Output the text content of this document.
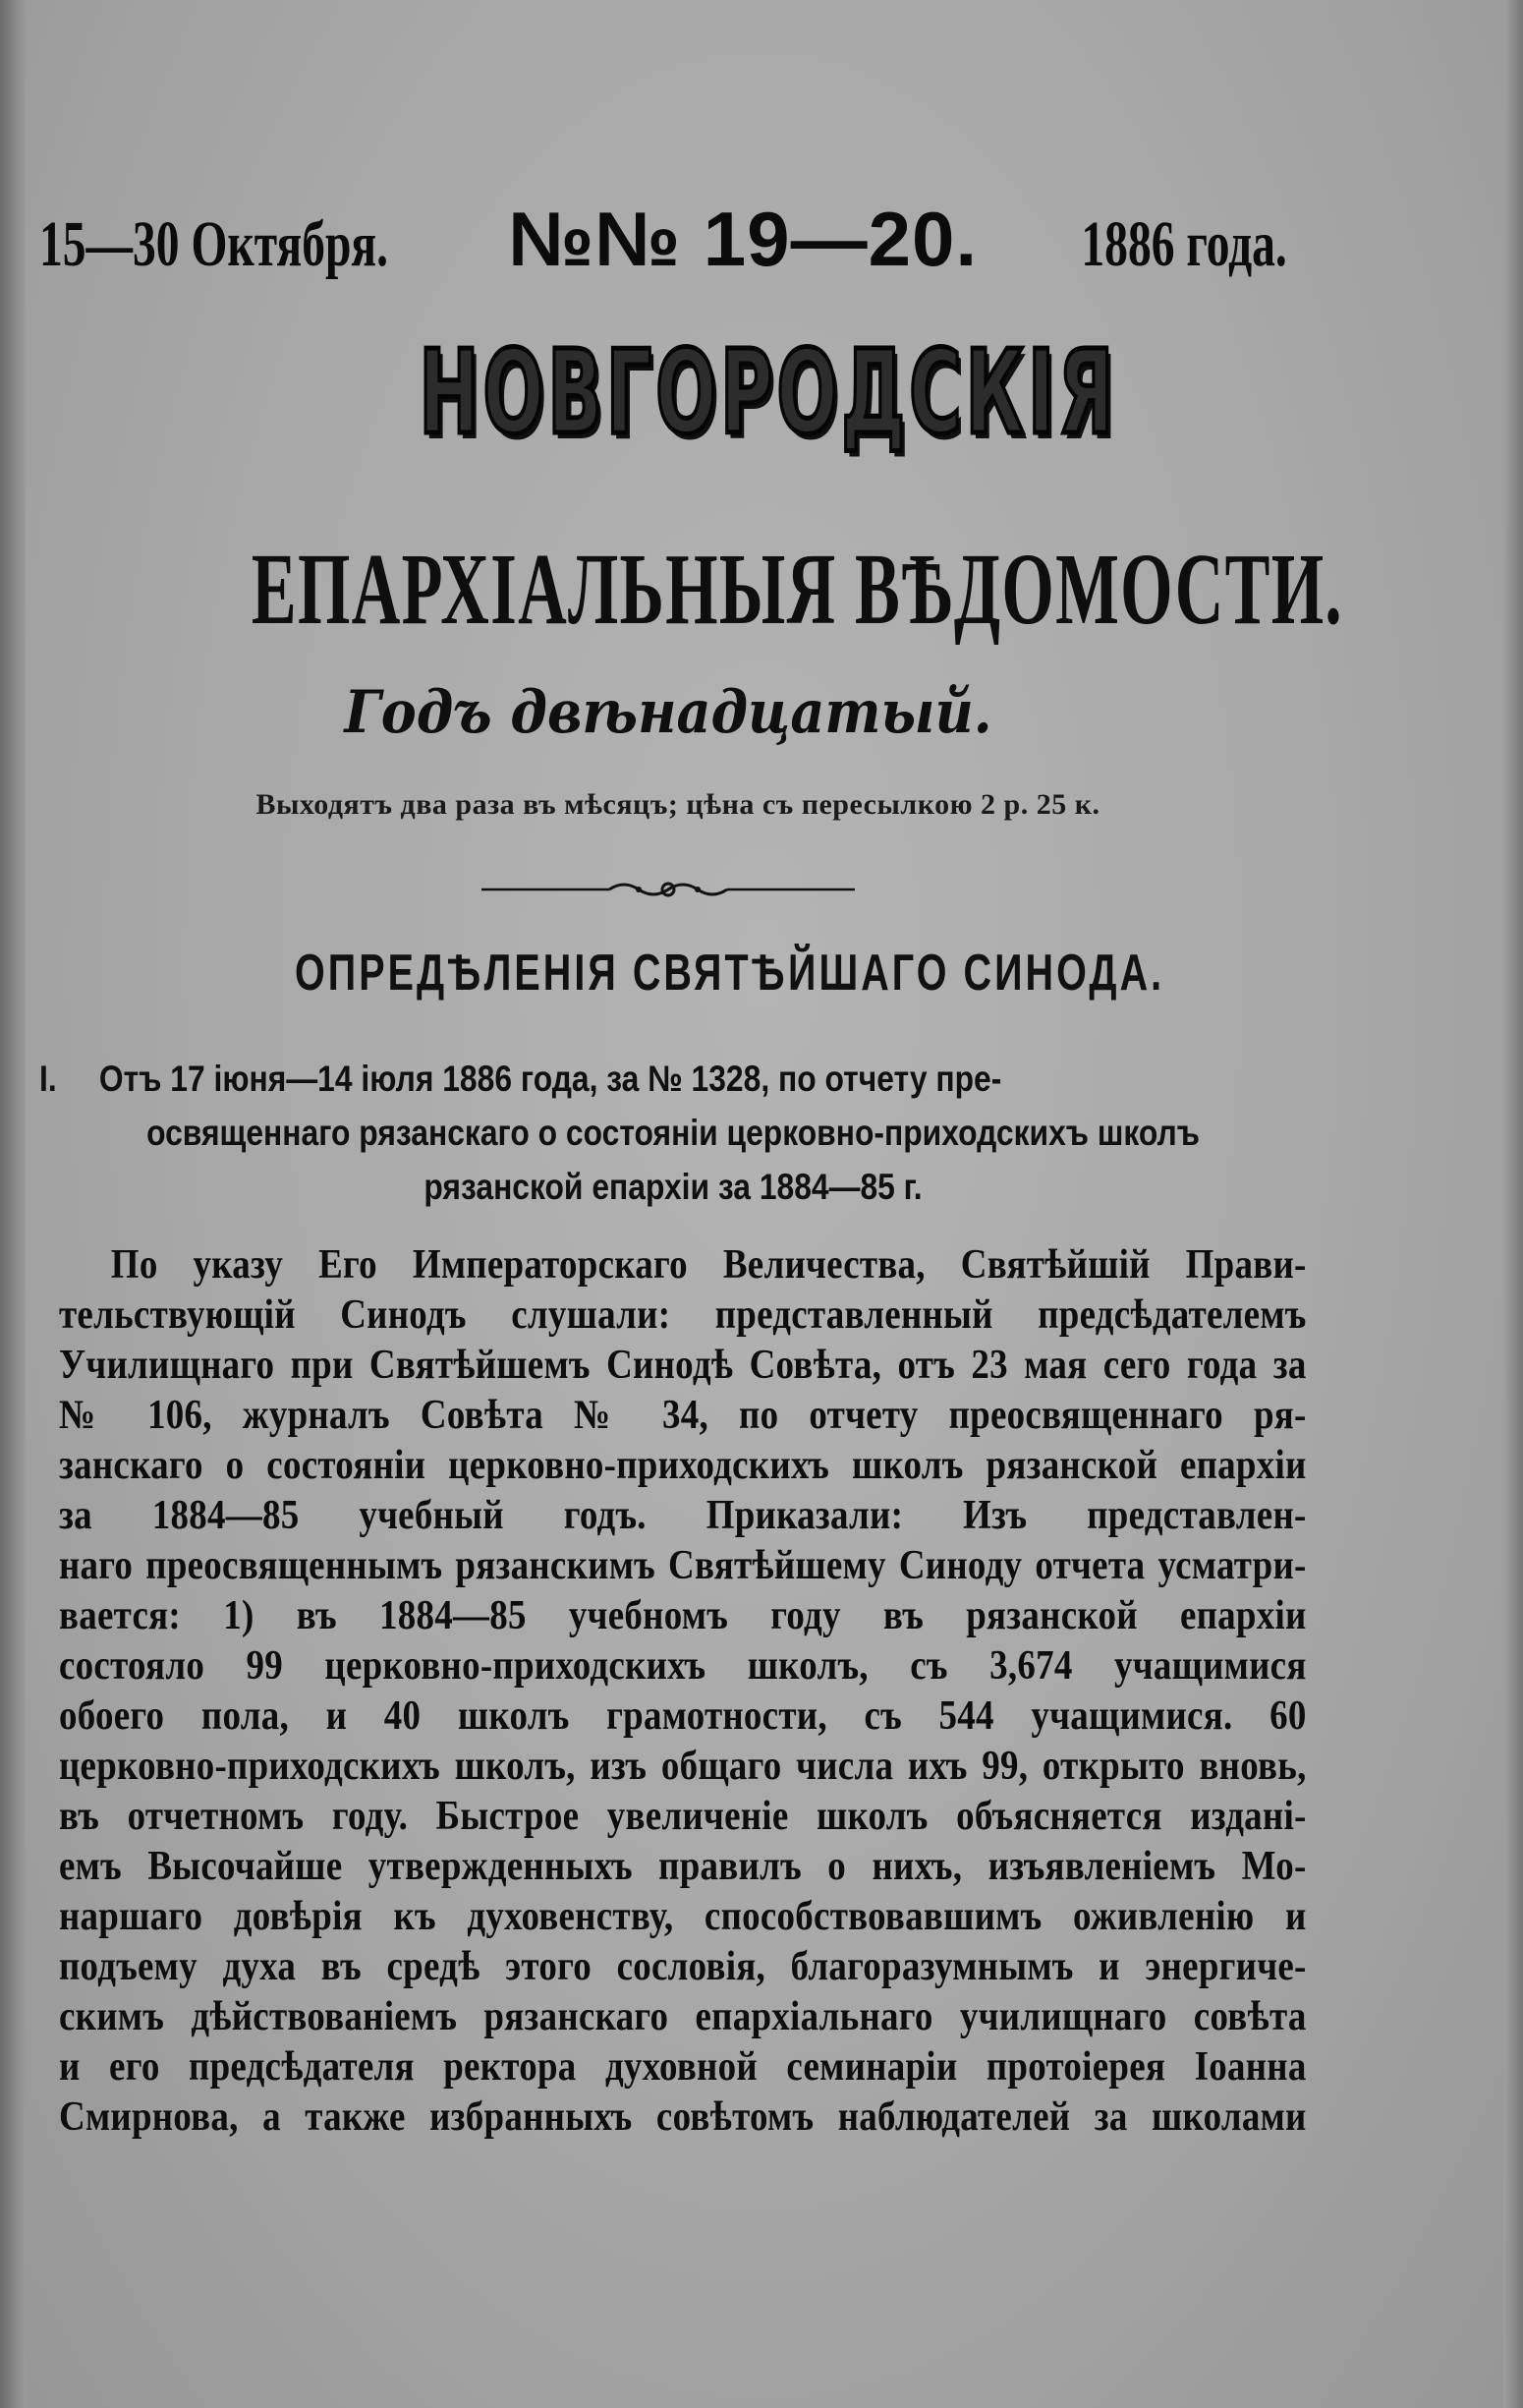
15—30 Октября. №№ 19—20. 1886 года.
НОВГОРОДСКІЯ
ЕПАРХІАЛЬНЫЯ ВѢДОМОСТИ.
Годъ двѣнадцатый.
Выходятъ два раза въ мѣсяцъ; цѣна съ пересылкою 2 р. 25 к.
ОПРЕДѢЛЕНІЯ СВЯТѢЙШАГО СИНОДА.
I. Отъ 17 іюня—14 іюля 1886 года, за № 1328, по отчету пре-
освященнаго рязанскаго о состояніи церковно-приходскихъ школъ
рязанской епархіи за 1884—85 г.
По указу Его Императорскаго Величества, Святѣйшій Прави-
тельствующій Синодъ слушали: представленный предсѣдателемъ
Училищнаго при Святѣйшемъ Синодѣ Совѣта, отъ 23 мая сего года за
№ 106, журналъ Совѣта № 34, по отчету преосвященнаго ря-
занскаго о состояніи церковно-приходскихъ школъ рязанской епархіи
за 1884—85 учебный годъ. Приказали: Изъ представлен-
наго преосвященнымъ рязанскимъ Святѣйшему Синоду отчета усматри-
вается: 1) въ 1884—85 учебномъ году въ рязанской епархіи
состояло 99 церковно-приходскихъ школъ, съ 3,674 учащимися
обоего пола, и 40 школъ грамотности, съ 544 учащимися. 60
церковно-приходскихъ школъ, изъ общаго числа ихъ 99, открыто вновь,
въ отчетномъ году. Быстрое увеличеніе школъ объясняется издані-
емъ Высочайше утвержденныхъ правилъ о нихъ, изъявленіемъ Мо-
наршаго довѣрія къ духовенству, способствовавшимъ оживленію и
подъему духа въ средѣ этого сословія, благоразумнымъ и энергиче-
скимъ дѣйствованіемъ рязанскаго епархіальнаго училищнаго совѣта
и его предсѣдателя ректора духовной семинаріи протоіерея Іоанна
Смирнова, а также избранныхъ совѣтомъ наблюдателей за школами
